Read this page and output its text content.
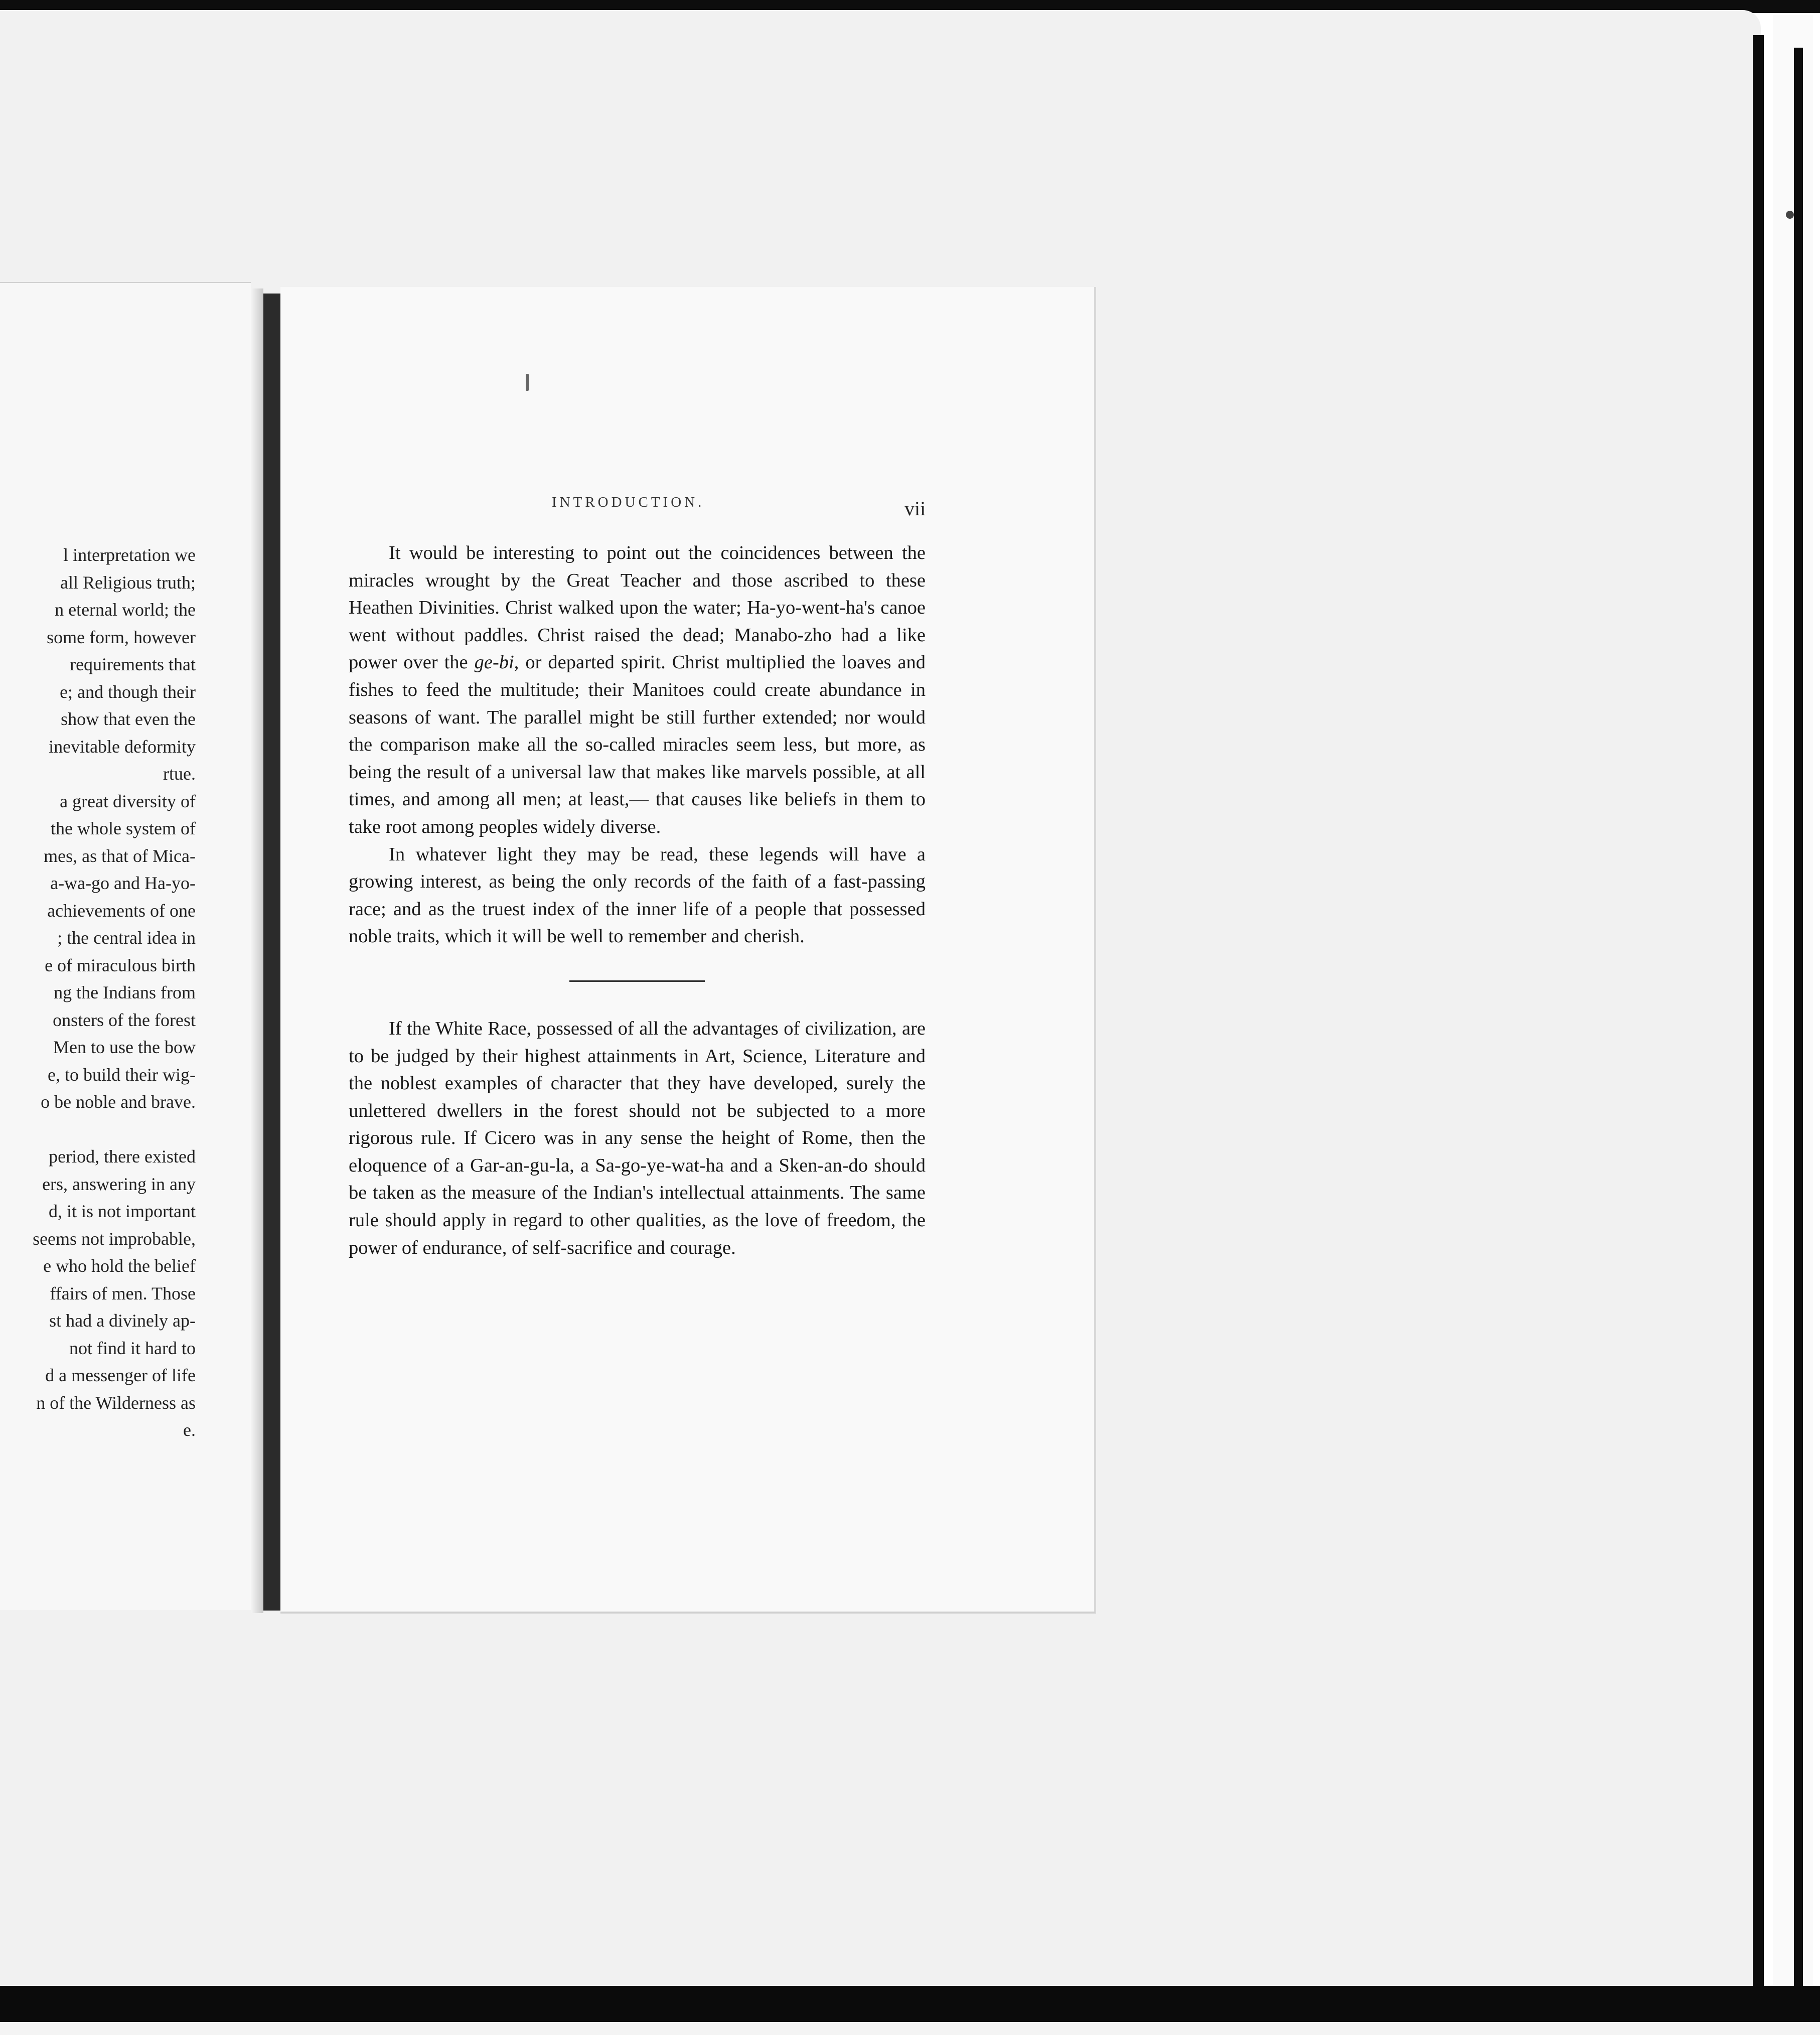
l interpretation we
all Religious truth;
n eternal world; the
some form, however
requirements that
e; and though their
show that even the
inevitable deformity
rtue.
a great diversity of
the whole system of
mes, as that of Mica-
a-wa-go and Ha-yo-
achievements of one
; the central idea in
e of miraculous birth
ng the Indians from
onsters of the forest
Men to use the bow
e, to build their wig-
o be noble and brave.

period, there existed
ers, answering in any
d, it is not important
seems not improbable,
e who hold the belief
ffairs of men. Those
st had a divinely ap-
not find it hard to
d a messenger of life
n of the Wilderness as
e.
INTRODUCTION.	vii

It would be interesting to point out the coincidences between the miracles wrought by the Great Teacher and those ascribed to these Heathen Divinities. Christ walked upon the water; Ha-yo-went-ha's canoe went without paddles. Christ raised the dead; Manabo-zho had a like power over the ge-bi, or departed spirit. Christ multiplied the loaves and fishes to feed the multitude; their Manitoes could create abundance in seasons of want. The parallel might be still further extended; nor would the comparison make all the so-called miracles seem less, but more, as being the result of a universal law that makes like marvels possible, at all times, and among all men; at least,— that causes like beliefs in them to take root among peoples widely diverse.

In whatever light they may be read, these legends will have a growing interest, as being the only records of the faith of a fast-passing race; and as the truest index of the inner life of a people that possessed noble traits, which it will be well to remember and cherish.

If the White Race, possessed of all the advantages of civilization, are to be judged by their highest attainments in Art, Science, Literature and the noblest examples of character that they have developed, surely the unlettered dwellers in the forest should not be subjected to a more rigorous rule. If Cicero was in any sense the height of Rome, then the eloquence of a Gar-an-gu-la, a Sa-go-ye-wat-ha and a Sken-an-do should be taken as the measure of the Indian's intellectual attainments. The same rule should apply in regard to other qualities, as the love of freedom, the power of endurance, of self-sacrifice and courage.
